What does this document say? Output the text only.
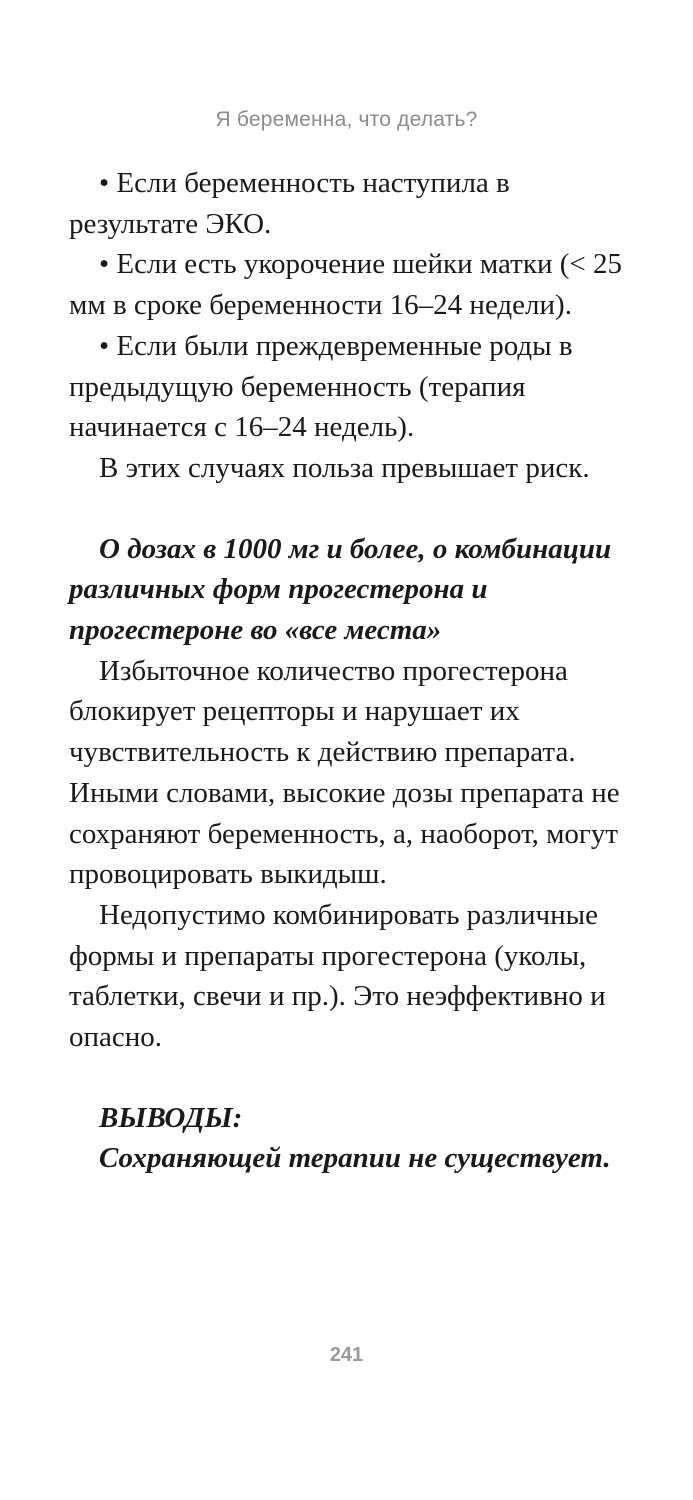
Я беременна, что делать?

• Если беременность наступила в результате ЭКО.

• Если есть укорочение шейки матки (< 25 мм в сроке беременности 16–24 недели).

• Если были преждевременные роды в предыдущую беременность (терапия начинается с 16–24 недель).

В этих случаях польза превышает риск.

О дозах в 1000 мг и более, о комбинации различных форм прогестерона и прогестероне во «все места»

Избыточное количество прогестерона блокирует рецепторы и нарушает их чувствительность к действию препарата. Иными словами, высокие дозы препарата не сохраняют беременность, а, наоборот, могут провоцировать выкидыш.

Недопустимо комбинировать различные формы и препараты прогестерона (уколы, таблетки, свечи и пр.). Это неэффективно и опасно.

ВЫВОДЫ:

Сохраняющей терапии не существует.

241
